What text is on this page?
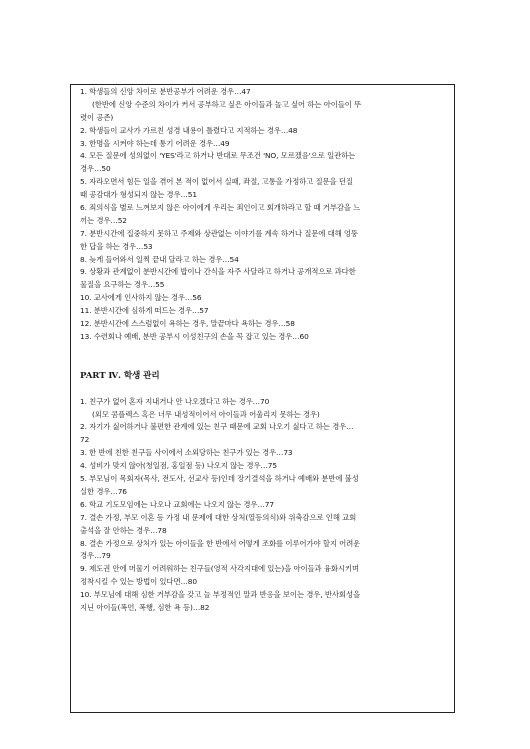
1. 학생들의 신앙 차이로 분반공부가 어려운 경우…47
(한반에 신앙 수준의 차이가 커서 공부하고 싶은 아이들과 놀고 싶어 하는 아이들이 뚜
렷이 공존)
2. 학생들이 교사가 가르친 성경 내용이 틀렸다고 지적하는 경우…48
3. 한명을 시켜야 하는데 통기 어려운 경우…49
4. 모든 질문에 성의없이 'YES'라고 하거나 반대로 무조건 'NO, 모르겠음'으로 일관하는
경우…50
5. 자라오면서 힘든 일을 겪어 본 적이 없어서 실패, 좌절, 고통을 가정하고 질문을 던질
때 공감대가 형성되지 않는 경우…51
6. 죄의식을 별로 느껴보지 않은 아이에게 우리는 죄인이고 회개하라고 할 때 거부감을 느
끼는 경우…52
7. 분반시간에 집중하지 못하고 주제와 상관없는 이야기를 계속 하거나 질문에 대해 엉뚱
한 답을 하는 경우…53
8. 늦게 들어와서 일찍 끝내 달라고 하는 경우…54
9. 상황과 관계없이 분반시간에 밥이나 간식을 자주 사달라고 하거나 공개적으로 과다한
물질을 요구하는 경우…55
10. 교사에게 인사하지 않는 경우…56
11. 분반시간에 심하게 떠드는 경우…57
12. 분반시간에 스스럼없이 욕하는 경우, 말끝마다 욕하는 경우…58
13. 수련회나 예배, 분반 공부시 이성친구의 손을 꼭 잡고 있는 경우…60
PART Ⅳ. 학생 관리
1. 친구가 없어 혼자 지내거나 안 나오겠다고 하는 경우…70
(외모 콤플렉스 혹은 너무 내성적이어서 아이들과 어울리지 못하는 경우)
2. 자기가 싫어하거나 불편한 관계에 있는 친구 때문에 교회 나오기 싫다고 하는 경우…
72
3. 한 반에 친한 친구들 사이에서 소외당하는 친구가 있는 경우…73
4. 성비가 맞지 않아(청일점, 홍일점 등) 나오지 않는 경우…75
5. 부모님이 목회자(목사, 전도사, 선교사 등)인데 장기결석을 하거나 예배와 분반에 불성
실한 경우…76
6. 학교 기도모임에는 나오나 교회에는 나오지 않는 경우…77
7. 결손 가정, 부모 이혼 등 가정 내 문제에 대한 상처(열등의식)와 위축감으로 인해 교회
출석을 잘 안하는 경우…78
8. 결손 가정으로 상처가 있는 아이들을 한 반에서 어떻게 조화를 이루어가야 할지 어려운
경우…79
9. 제도권 안에 머물기 어려워하는 친구들(영적 사각지대에 있는)을 아이들과 융화시키며
정착시킬 수 있는 방법이 있다면…80
10. 부모님에 대해 심한 거부감을 갖고 늘 부정적인 말과 반응을 보이는 경우, 반사회성을
지닌 아이들(폭언, 폭행, 심한 욕 등)…82
